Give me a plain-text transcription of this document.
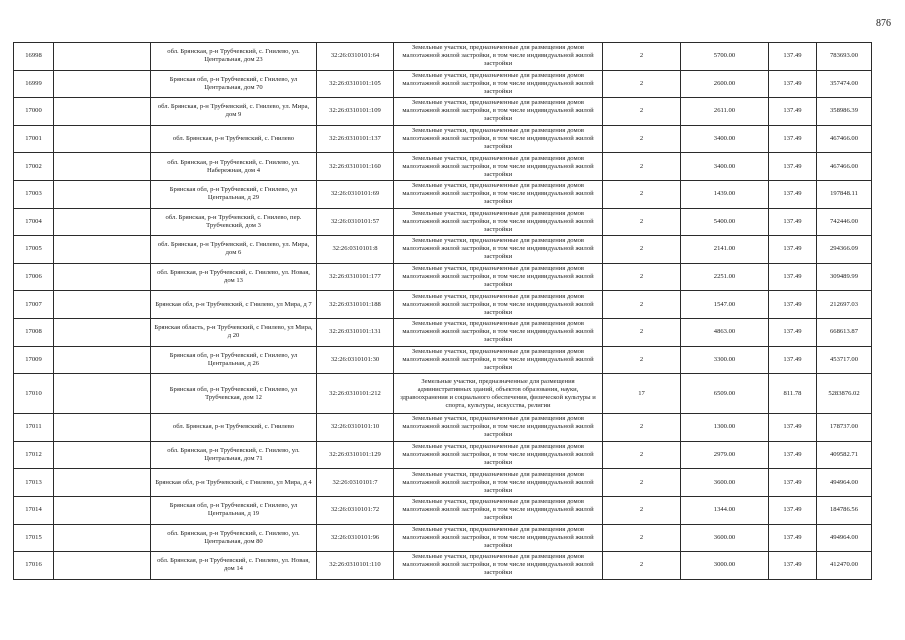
876
16998		обл. Брянская, р-н Трубчевский, с. Гнилево, ул. Центральная, дом 23	32:26:0310101:64	Земельные участки, предназначенные для размещения домов малоэтажной жилой застройки, в том числе индивидуальной жилой застройки	2	5700.00	137.49	783693.00
16999		Брянская обл, р-н Трубчевский, с Гнилево, ул Центральная, дом 70	32:26:0310101:105	Земельные участки, предназначенные для размещения домов малоэтажной жилой застройки, в том числе индивидуальной жилой застройки	2	2600.00	137.49	357474.00
17000		обл. Брянская, р-н Трубчевский, с. Гнилево, ул. Мира, дом 9	32:26:0310101:109	Земельные участки, предназначенные для размещения домов малоэтажной жилой застройки, в том числе индивидуальной жилой застройки	2	2611.00	137.49	358986.39
17001		обл. Брянская, р-н Трубчевский, с. Гнилево	32:26:0310101:137	Земельные участки, предназначенные для размещения домов малоэтажной жилой застройки, в том числе индивидуальной жилой застройки	2	3400.00	137.49	467466.00
17002		обл. Брянская, р-н Трубчевский, с. Гнилево, ул. Набережная, дом 4	32:26:0310101:160	Земельные участки, предназначенные для размещения домов малоэтажной жилой застройки, в том числе индивидуальной жилой застройки	2	3400.00	137.49	467466.00
17003		Брянская обл, р-н Трубчевский, с Гнилево, ул Центральная, д 29	32:26:0310101:69	Земельные участки, предназначенные для размещения домов малоэтажной жилой застройки, в том числе индивидуальной жилой застройки	2	1439.00	137.49	197848.11
17004		обл. Брянская, р-н Трубчевский, с. Гнилево, пер. Трубчевский, дом 3	32:26:0310101:57	Земельные участки, предназначенные для размещения домов малоэтажной жилой застройки, в том числе индивидуальной жилой застройки	2	5400.00	137.49	742446.00
17005		обл. Брянская, р-н Трубчевский, с. Гнилево, ул. Мира, дом 6	32:26:0310101:8	Земельные участки, предназначенные для размещения домов малоэтажной жилой застройки, в том числе индивидуальной жилой застройки	2	2141.00	137.49	294366.09
17006		обл. Брянская, р-н Трубчевский, с. Гнилево, ул. Новая, дом 13	32:26:0310101:177	Земельные участки, предназначенные для размещения домов малоэтажной жилой застройки, в том числе индивидуальной жилой застройки	2	2251.00	137.49	309489.99
17007		Брянская обл, р-н Трубчевский, с Гнилево, ул Мира, д 7	32:26:0310101:188	Земельные участки, предназначенные для размещения домов малоэтажной жилой застройки, в том числе индивидуальной жилой застройки	2	1547.00	137.49	212697.03
17008		Брянская область, р-н Трубчевский, с Гнилево, ул Мира, д 20	32:26:0310101:131	Земельные участки, предназначенные для размещения домов малоэтажной жилой застройки, в том числе индивидуальной жилой застройки	2	4863.00	137.49	668613.87
17009		Брянская обл, р-н Трубчевский, с Гнилево, ул Центральная, д 26	32:26:0310101:30	Земельные участки, предназначенные для размещения домов малоэтажной жилой застройки, в том числе индивидуальной жилой застройки	2	3300.00	137.49	453717.00
17010		Брянская обл, р-н Трубчевский, с Гнилево, ул Трубчевская, дом 12	32:26:0310101:212	Земельные участки, предназначенные для размещения административных зданий, объектов образования, науки, здравоохранения и социального обеспечения, физической культуры и спорта, культуры, искусства, религии	17	6509.00	811.78	5283876.02
17011		обл. Брянская, р-н Трубчевский, с. Гнилево	32:26:0310101:10	Земельные участки, предназначенные для размещения домов малоэтажной жилой застройки, в том числе индивидуальной жилой застройки	2	1300.00	137.49	178737.00
17012		обл. Брянская, р-н Трубчевский, с. Гнилево, ул. Центральная, дом 71	32:26:0310101:129	Земельные участки, предназначенные для размещения домов малоэтажной жилой застройки, в том числе индивидуальной жилой застройки	2	2979.00	137.49	409582.71
17013		Брянская обл, р-н Трубчевский, с Гнилево, ул Мира, д 4	32:26:0310101:7	Земельные участки, предназначенные для размещения домов малоэтажной жилой застройки, в том числе индивидуальной жилой застройки	2	3600.00	137.49	494964.00
17014		Брянская обл, р-н Трубчевский, с Гнилево, ул Центральная, д 19	32:26:0310101:72	Земельные участки, предназначенные для размещения домов малоэтажной жилой застройки, в том числе индивидуальной жилой застройки	2	1344.00	137.49	184786.56
17015		обл. Брянская, р-н Трубчевский, с. Гнилево, ул. Центральная, дом 80	32:26:0310101:96	Земельные участки, предназначенные для размещения домов малоэтажной жилой застройки, в том числе индивидуальной жилой застройки	2	3600.00	137.49	494964.00
17016		обл. Брянская, р-н Трубчевский, с. Гнилево, ул. Новая, дом 14	32:26:0310101:110	Земельные участки, предназначенные для размещения домов малоэтажной жилой застройки, в том числе индивидуальной жилой застройки	2	3000.00	137.49	412470.00
